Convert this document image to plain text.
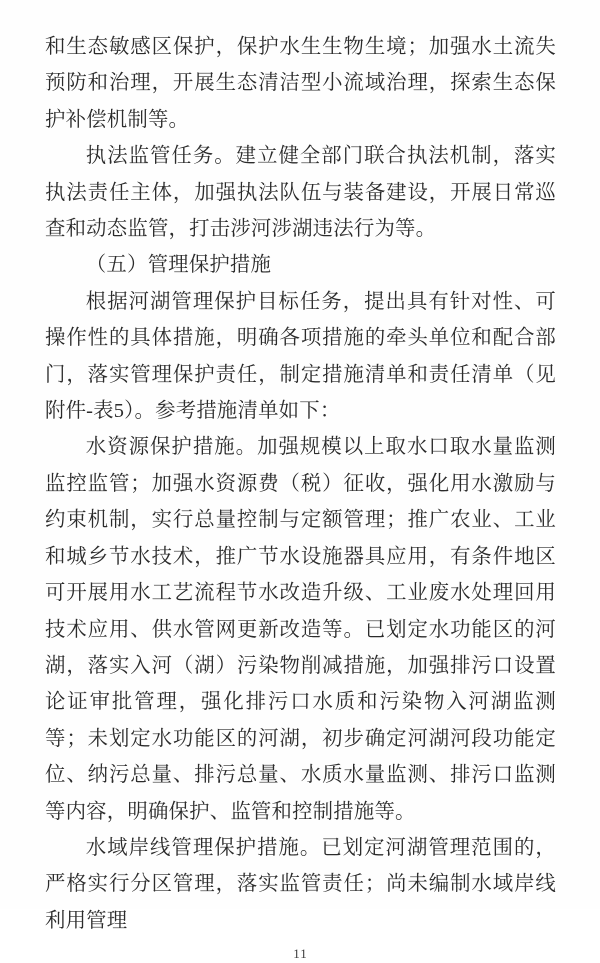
和生态敏感区保护，保护水生生物生境；加强水土流失预防和治理，开展生态清洁型小流域治理，探索生态保护补偿机制等。

执法监管任务。建立健全部门联合执法机制，落实执法责任主体，加强执法队伍与装备建设，开展日常巡查和动态监管，打击涉河涉湖违法行为等。

（五）管理保护措施

根据河湖管理保护目标任务，提出具有针对性、可操作性的具体措施，明确各项措施的牵头单位和配合部门，落实管理保护责任，制定措施清单和责任清单（见附件-表5）。参考措施清单如下：

水资源保护措施。加强规模以上取水口取水量监测监控监管；加强水资源费（税）征收，强化用水激励与约束机制，实行总量控制与定额管理；推广农业、工业和城乡节水技术，推广节水设施器具应用，有条件地区可开展用水工艺流程节水改造升级、工业废水处理回用技术应用、供水管网更新改造等。已划定水功能区的河湖，落实入河（湖）污染物削减措施，加强排污口设置论证审批管理，强化排污口水质和污染物入河湖监测等；未划定水功能区的河湖，初步确定河湖河段功能定位、纳污总量、排污总量、水质水量监测、排污口监测等内容，明确保护、监管和控制措施等。

水域岸线管理保护措施。已划定河湖管理范围的，严格实行分区管理，落实监管责任；尚未编制水域岸线利用管理

11
